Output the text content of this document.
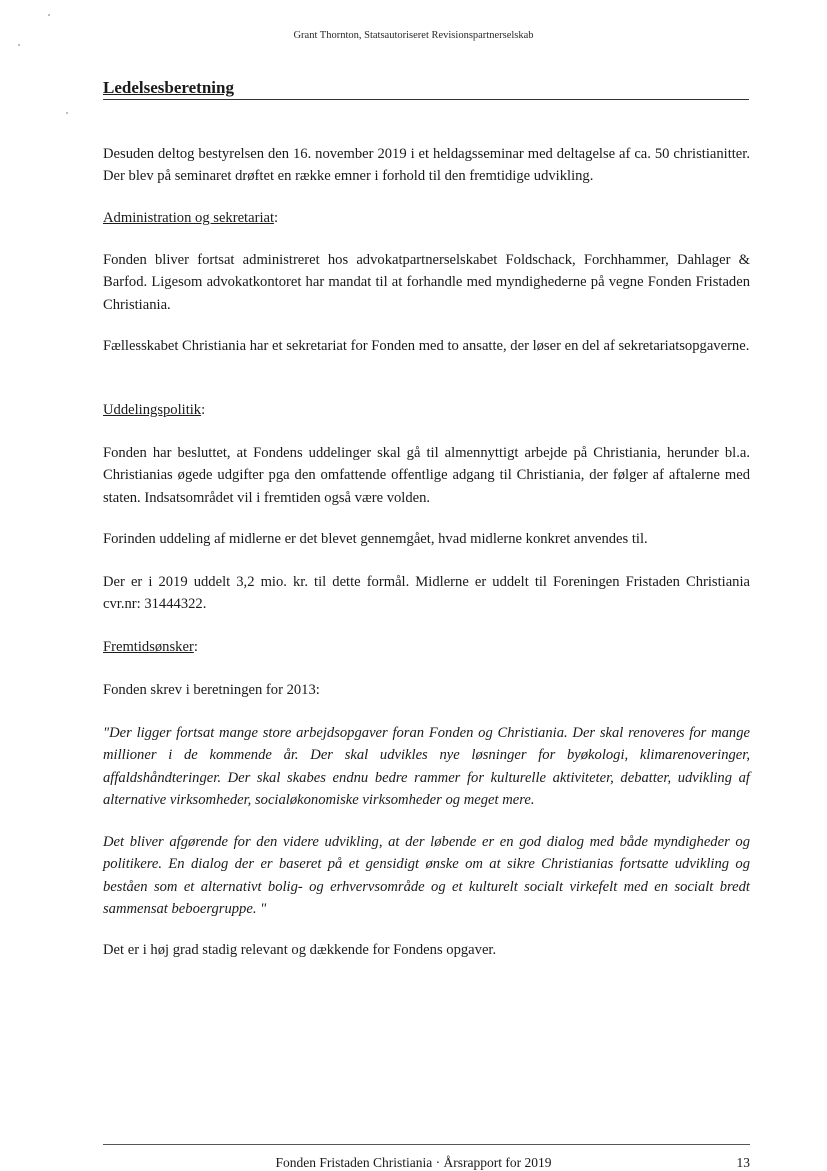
Grant Thornton, Statsautoriseret Revisionspartnerselskab
Ledelsesberetning

Desuden deltog bestyrelsen den 16. november 2019 i et heldagsseminar med deltagelse af ca. 50 christianitter. Der blev på seminaret drøftet en række emner i forhold til den fremtidige udvikling.

Administration og sekretariat:

Fonden bliver fortsat administreret hos advokatpartnerselskabet Foldschack, Forchhammer, Dahlager & Barfod. Ligesom advokatkontoret har mandat til at forhandle med myndighederne på vegne Fonden Fristaden Christiania.

Fællesskabet Christiania har et sekretariat for Fonden med to ansatte, der løser en del af sekretariatsopgaverne.

Uddelingspolitik:

Fonden har besluttet, at Fondens uddelinger skal gå til almennyttigt arbejde på Christiania, herunder bl.a. Christianias øgede udgifter pga den omfattende offentlige adgang til Christiania, der følger af aftalerne med staten. Indsatsområdet vil i fremtiden også være volden.

Forinden uddeling af midlerne er det blevet gennemgået, hvad midlerne konkret anvendes til.

Der er i 2019 uddelt 3,2 mio. kr. til dette formål. Midlerne er uddelt til Foreningen Fristaden Christiania cvr.nr: 31444322.

Fremtidsønsker:

Fonden skrev i beretningen for 2013:

"Der ligger fortsat mange store arbejdsopgaver foran Fonden og Christiania. Der skal renoveres for mange millioner i de kommende år. Der skal udvikles nye løsninger for byøkologi, klimarenoveringer, affaldshåndteringer. Der skal skabes endnu bedre rammer for kulturelle aktiviteter, debatter, udvikling af alternative virksomheder, socialøkonomiske virksomheder og meget mere.

Det bliver afgørende for den videre udvikling, at der løbende er en god dialog med både myndigheder og politikere. En dialog der er baseret på et gensidigt ønske om at sikre Christianias fortsatte udvikling og beståen som et alternativt bolig- og erhvervsområde og et kulturelt socialt virkefelt med en socialt bredt sammensat beboergruppe. "

Det er i høj grad stadig relevant og dækkende for Fondens opgaver.

Fonden Fristaden Christiania · Årsrapport for 2019	13
